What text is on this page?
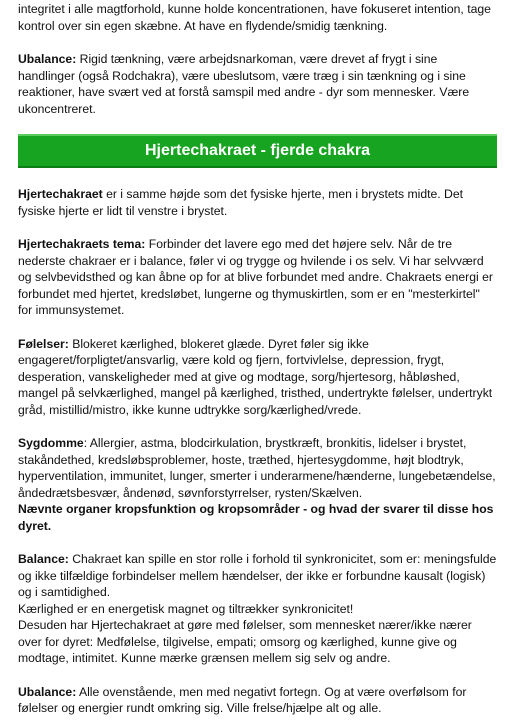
integritet i alle magtforhold, kunne holde koncentrationen, have fokuseret intention, tage kontrol over sin egen skæbne. At have en flydende/smidig tænkning.

Ubalance: Rigid tænkning, være arbejdsnarkoman, være drevet af frygt i sine handlinger (også Rodchakra), være ubeslutsom, være træg i sin tænkning og i sine reaktioner, have svært ved at forstå samspil med andre - dyr som mennesker. Være ukoncentreret.

Hjertechakraet - fjerde chakra

Hjertechakraet er i samme højde som det fysiske hjerte, men i brystets midte. Det fysiske hjerte er lidt til venstre i brystet.

Hjertechakraets tema: Forbinder det lavere ego med det højere selv. Når de tre nederste chakraer er i balance, føler vi og trygge og hvilende i os selv. Vi har selvværd og selvbevidsthed og kan åbne op for at blive forbundet med andre. Chakraets energi er forbundet med hjertet, kredsløbet, lungerne og thymuskirtlen, som er en "mesterkirtel" for immunsystemet.

Følelser: Blokeret kærlighed, blokeret glæde. Dyret føler sig ikke engageret/forpligtet/ansvarlig, være kold og fjern, fortvivlelse, depression, frygt, desperation, vanskeligheder med at give og modtage, sorg/hjertesorg, håbløshed, mangel på selvkærlighed, mangel på kærlighed, tristhed, undertrykte følelser, undertrykt gråd, mistillid/mistro, ikke kunne udtrykke sorg/kærlighed/vrede.

Sygdomme: Allergier, astma, blodcirkulation, brystkræft, bronkitis, lidelser i brystet, stakåndethed, kredsløbsproblemer, hoste, træthed, hjertesygdomme, højt blodtryk, hyperventilation, immunitet, lunger, smerter i underarmene/hænderne, lungebetændelse, åndedrætsbesvær, åndenød, søvnforstyrrelser, rysten/Skælven.
Nævnte organer kropsfunktion og kropsområder - og hvad der svarer til disse hos dyret.

Balance: Chakraet kan spille en stor rolle i forhold til synkronicitet, som er: meningsfulde og ikke tilfældige forbindelser mellem hændelser, der ikke er forbundne kausalt (logisk) og i samtidighed.
Kærlighed er en energetisk magnet og tiltrækker synkronicitet!
Desuden har Hjertechakraet at gøre med følelser, som mennesket nærer/ikke nærer over for dyret: Medfølelse, tilgivelse, empati; omsorg og kærlighed, kunne give og modtage, intimitet. Kunne mærke grænsen mellem sig selv og andre.

Ubalance: Alle ovenstående, men med negativt fortegn. Og at være overfølsom for følelser og energier rundt omkring sig. Ville frelse/hjælpe alt og alle.
